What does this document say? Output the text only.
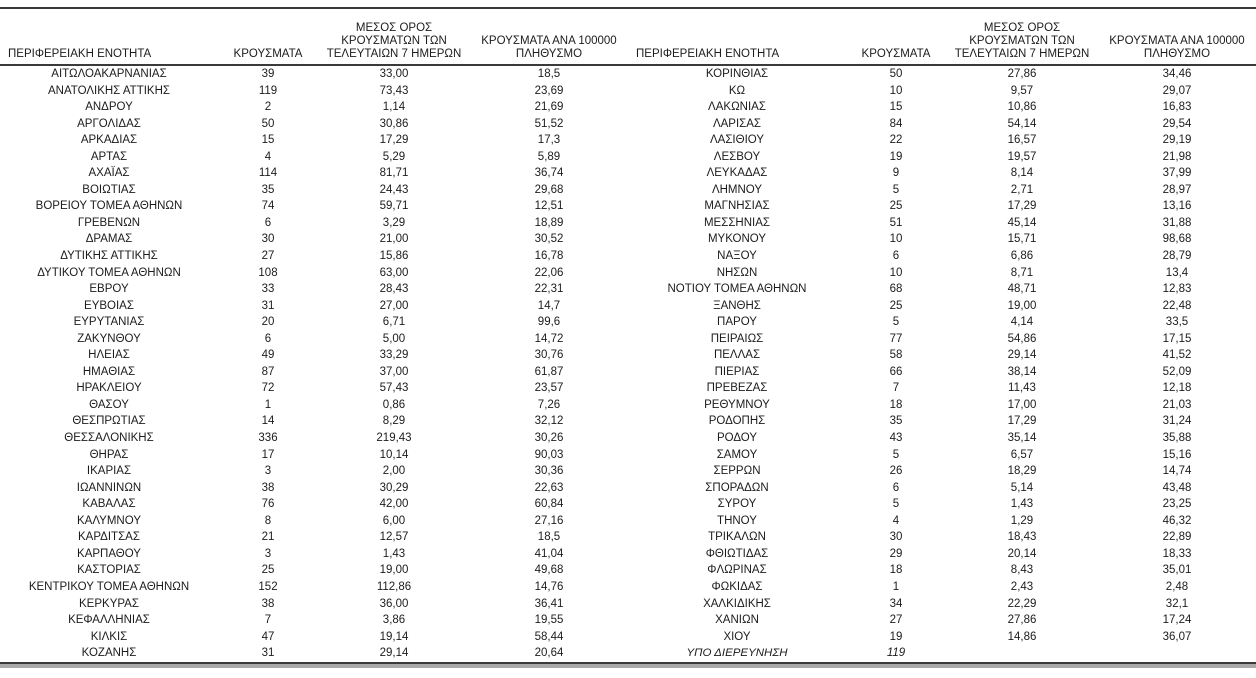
ΠΕΡΙΦΕΡΕΙΑΚΗ ΕΝΟΤΗΤΑ	ΚΡΟΥΣΜΑΤΑ	ΜΕΣΟΣ ΟΡΟΣ
ΚΡΟΥΣΜΑΤΩΝ ΤΩΝ
ΤΕΛΕΥΤΑΙΩΝ 7 ΗΜΕΡΩΝ	ΚΡΟΥΣΜΑΤΑ ΑΝΑ 100000
ΠΛΗΘΥΣΜΟ	ΠΕΡΙΦΕΡΕΙΑΚΗ ΕΝΟΤΗΤΑ	ΚΡΟΥΣΜΑΤΑ	ΜΕΣΟΣ ΟΡΟΣ
ΚΡΟΥΣΜΑΤΩΝ ΤΩΝ
ΤΕΛΕΥΤΑΙΩΝ 7 ΗΜΕΡΩΝ	ΚΡΟΥΣΜΑΤΑ ΑΝΑ 100000
ΠΛΗΘΥΣΜΟ

ΑΙΤΩΛΟΑΚΑΡΝΑΝΙΑΣ	39	33,00	18,5	ΚΟΡΙΝΘΙΑΣ	50	27,86	34,46
ΑΝΑΤΟΛΙΚΗΣ ΑΤΤΙΚΗΣ	119	73,43	23,69	ΚΩ	10	9,57	29,07
ΑΝΔΡΟΥ	2	1,14	21,69	ΛΑΚΩΝΙΑΣ	15	10,86	16,83
ΑΡΓΟΛΙΔΑΣ	50	30,86	51,52	ΛΑΡΙΣΑΣ	84	54,14	29,54
ΑΡΚΑΔΙΑΣ	15	17,29	17,3	ΛΑΣΙΘΙΟΥ	22	16,57	29,19
ΑΡΤΑΣ	4	5,29	5,89	ΛΕΣΒΟΥ	19	19,57	21,98
ΑΧΑΪΑΣ	114	81,71	36,74	ΛΕΥΚΑΔΑΣ	9	8,14	37,99
ΒΟΙΩΤΙΑΣ	35	24,43	29,68	ΛΗΜΝΟΥ	5	2,71	28,97
ΒΟΡΕΙΟΥ ΤΟΜΕΑ ΑΘΗΝΩΝ	74	59,71	12,51	ΜΑΓΝΗΣΙΑΣ	25	17,29	13,16
ΓΡΕΒΕΝΩΝ	6	3,29	18,89	ΜΕΣΣΗΝΙΑΣ	51	45,14	31,88
ΔΡΑΜΑΣ	30	21,00	30,52	ΜΥΚΟΝΟΥ	10	15,71	98,68
ΔΥΤΙΚΗΣ ΑΤΤΙΚΗΣ	27	15,86	16,78	ΝΑΞΟΥ	6	6,86	28,79
ΔΥΤΙΚΟΥ ΤΟΜΕΑ ΑΘΗΝΩΝ	108	63,00	22,06	ΝΗΣΩΝ	10	8,71	13,4
ΕΒΡΟΥ	33	28,43	22,31	ΝΟΤΙΟΥ ΤΟΜΕΑ ΑΘΗΝΩΝ	68	48,71	12,83
ΕΥΒΟΙΑΣ	31	27,00	14,7	ΞΑΝΘΗΣ	25	19,00	22,48
ΕΥΡΥΤΑΝΙΑΣ	20	6,71	99,6	ΠΑΡΟΥ	5	4,14	33,5
ΖΑΚΥΝΘΟΥ	6	5,00	14,72	ΠΕΙΡΑΙΩΣ	77	54,86	17,15
ΗΛΕΙΑΣ	49	33,29	30,76	ΠΕΛΛΑΣ	58	29,14	41,52
ΗΜΑΘΙΑΣ	87	37,00	61,87	ΠΙΕΡΙΑΣ	66	38,14	52,09
ΗΡΑΚΛΕΙΟΥ	72	57,43	23,57	ΠΡΕΒΕΖΑΣ	7	11,43	12,18
ΘΑΣΟΥ	1	0,86	7,26	ΡΕΘΥΜΝΟΥ	18	17,00	21,03
ΘΕΣΠΡΩΤΙΑΣ	14	8,29	32,12	ΡΟΔΟΠΗΣ	35	17,29	31,24
ΘΕΣΣΑΛΟΝΙΚΗΣ	336	219,43	30,26	ΡΟΔΟΥ	43	35,14	35,88
ΘΗΡΑΣ	17	10,14	90,03	ΣΑΜΟΥ	5	6,57	15,16
ΙΚΑΡΙΑΣ	3	2,00	30,36	ΣΕΡΡΩΝ	26	18,29	14,74
ΙΩΑΝΝΙΝΩΝ	38	30,29	22,63	ΣΠΟΡΑΔΩΝ	6	5,14	43,48
ΚΑΒΑΛΑΣ	76	42,00	60,84	ΣΥΡΟΥ	5	1,43	23,25
ΚΑΛΥΜΝΟΥ	8	6,00	27,16	ΤΗΝΟΥ	4	1,29	46,32
ΚΑΡΔΙΤΣΑΣ	21	12,57	18,5	ΤΡΙΚΑΛΩΝ	30	18,43	22,89
ΚΑΡΠΑΘΟΥ	3	1,43	41,04	ΦΘΙΩΤΙΔΑΣ	29	20,14	18,33
ΚΑΣΤΟΡΙΑΣ	25	19,00	49,68	ΦΛΩΡΙΝΑΣ	18	8,43	35,01
ΚΕΝΤΡΙΚΟΥ ΤΟΜΕΑ ΑΘΗΝΩΝ	152	112,86	14,76	ΦΩΚΙΔΑΣ	1	2,43	2,48
ΚΕΡΚΥΡΑΣ	38	36,00	36,41	ΧΑΛΚΙΔΙΚΗΣ	34	22,29	32,1
ΚΕΦΑΛΛΗΝΙΑΣ	7	3,86	19,55	ΧΑΝΙΩΝ	27	27,86	17,24
ΚΙΛΚΙΣ	47	19,14	58,44	ΧΙΟΥ	19	14,86	36,07
ΚΟΖΑΝΗΣ	31	29,14	20,64	ΥΠΟ ΔΙΕΡΕΥΝΗΣΗ	119		
